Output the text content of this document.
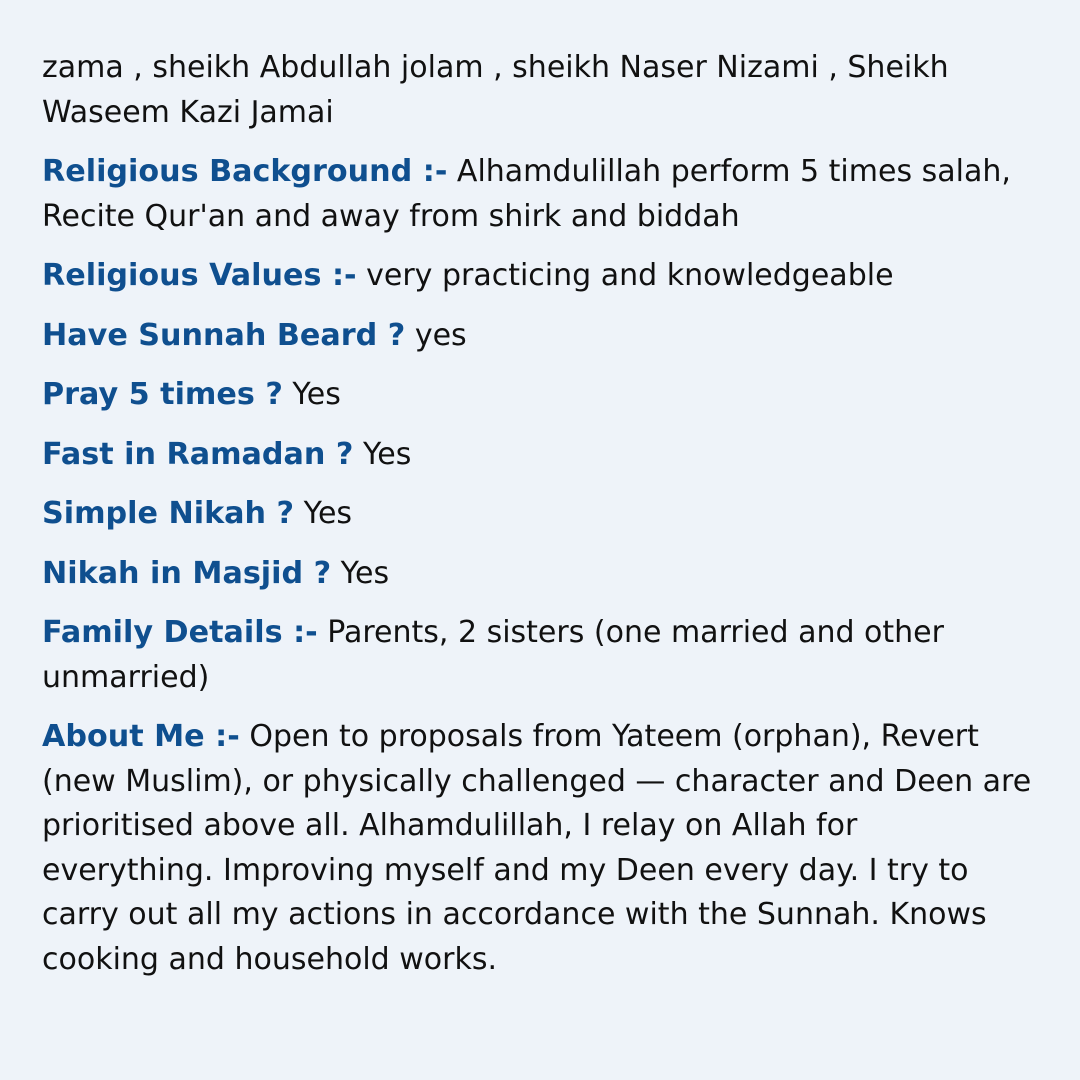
zama , sheikh Abdullah jolam , sheikh Naser Nizami , Sheikh Waseem Kazi Jamai

Religious Background :- Alhamdulillah perform 5 times salah, Recite Qur'an and away from shirk and biddah

Religious Values :- very practicing and knowledgeable

Have Sunnah Beard ? yes

Pray 5 times ? Yes

Fast in Ramadan ? Yes

Simple Nikah ? Yes

Nikah in Masjid ? Yes

Family Details :- Parents, 2 sisters (one married and other unmarried)

About Me :- Open to proposals from Yateem (orphan), Revert (new Muslim), or physically challenged — character and Deen are prioritised above all. Alhamdulillah, I relay on Allah for everything. Improving myself and my Deen every day. I try to carry out all my actions in accordance with the Sunnah. Knows cooking and household works.
